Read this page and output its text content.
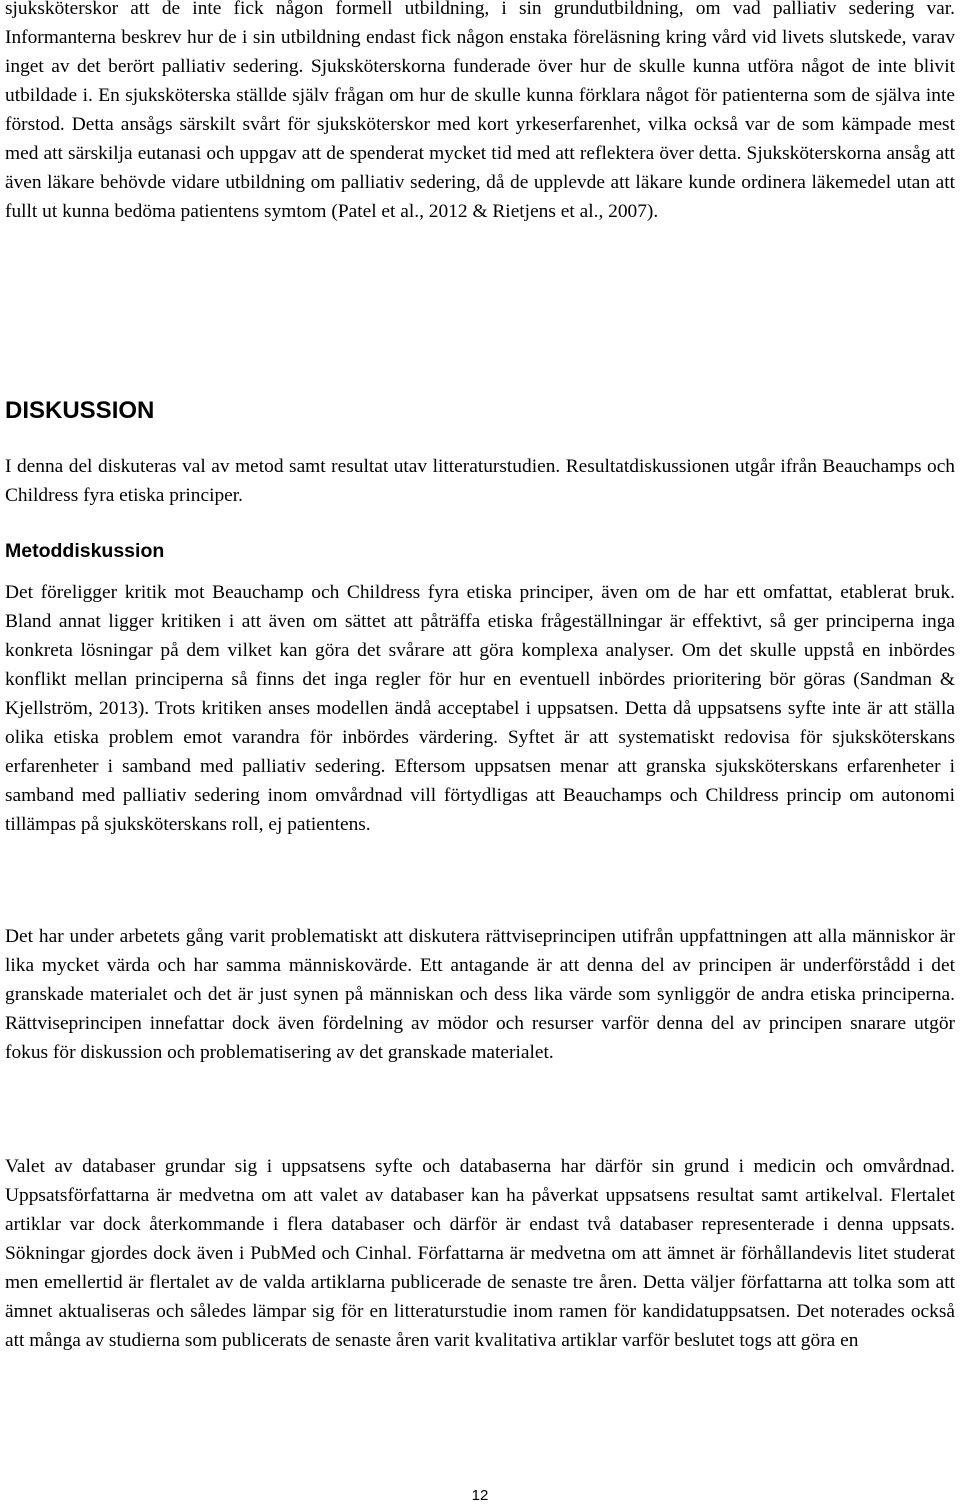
sjuksköterskor att de inte fick någon formell utbildning, i sin grundutbildning, om vad palliativ sedering var. Informanterna beskrev hur de i sin utbildning endast fick någon enstaka föreläsning kring vård vid livets slutskede, varav inget av det berört palliativ sedering. Sjuksköterskorna funderade över hur de skulle kunna utföra något de inte blivit utbildade i. En sjuksköterska ställde själv frågan om hur de skulle kunna förklara något för patienterna som de själva inte förstod. Detta ansågs särskilt svårt för sjuksköterskor med kort yrkeserfarenhet, vilka också var de som kämpade mest med att särskilja eutanasi och uppgav att de spenderat mycket tid med att reflektera över detta. Sjuksköterskorna ansåg att även läkare behövde vidare utbildning om palliativ sedering, då de upplevde att läkare kunde ordinera läkemedel utan att fullt ut kunna bedöma patientens symtom (Patel et al., 2012 & Rietjens et al., 2007).

DISKUSSION

I denna del diskuteras val av metod samt resultat utav litteraturstudien. Resultatdiskussionen utgår ifrån Beauchamps och Childress fyra etiska principer.

Metoddiskussion

Det föreligger kritik mot Beauchamp och Childress fyra etiska principer, även om de har ett omfattat, etablerat bruk. Bland annat ligger kritiken i att även om sättet att påträffa etiska frågeställningar är effektivt, så ger principerna inga konkreta lösningar på dem vilket kan göra det svårare att göra komplexa analyser. Om det skulle uppstå en inbördes konflikt mellan principerna så finns det inga regler för hur en eventuell inbördes prioritering bör göras (Sandman & Kjellström, 2013). Trots kritiken anses modellen ändå acceptabel i uppsatsen. Detta då uppsatsens syfte inte är att ställa olika etiska problem emot varandra för inbördes värdering. Syftet är att systematiskt redovisa för sjuksköterskans erfarenheter i samband med palliativ sedering. Eftersom uppsatsen menar att granska sjuksköterskans erfarenheter i samband med palliativ sedering inom omvårdnad vill förtydligas att Beauchamps och Childress princip om autonomi tillämpas på sjuksköterskans roll, ej patientens.

Det har under arbetets gång varit problematiskt att diskutera rättviseprincipen utifrån uppfattningen att alla människor är lika mycket värda och har samma människovärde. Ett antagande är att denna del av principen är underförstådd i det granskade materialet och det är just synen på människan och dess lika värde som synliggör de andra etiska principerna. Rättviseprincipen innefattar dock även fördelning av mödor och resurser varför denna del av principen snarare utgör fokus för diskussion och problematisering av det granskade materialet.

Valet av databaser grundar sig i uppsatsens syfte och databaserna har därför sin grund i medicin och omvårdnad. Uppsatsförfattarna är medvetna om att valet av databaser kan ha påverkat uppsatsens resultat samt artikelval. Flertalet artiklar var dock återkommande i flera databaser och därför är endast två databaser representerade i denna uppsats. Sökningar gjordes dock även i PubMed och Cinhal. Författarna är medvetna om att ämnet är förhållandevis litet studerat men emellertid är flertalet av de valda artiklarna publicerade de senaste tre åren. Detta väljer författarna att tolka som att ämnet aktualiseras och således lämpar sig för en litteraturstudie inom ramen för kandidatuppsatsen. Det noterades också att många av studierna som publicerats de senaste åren varit kvalitativa artiklar varför beslutet togs att göra en

12
